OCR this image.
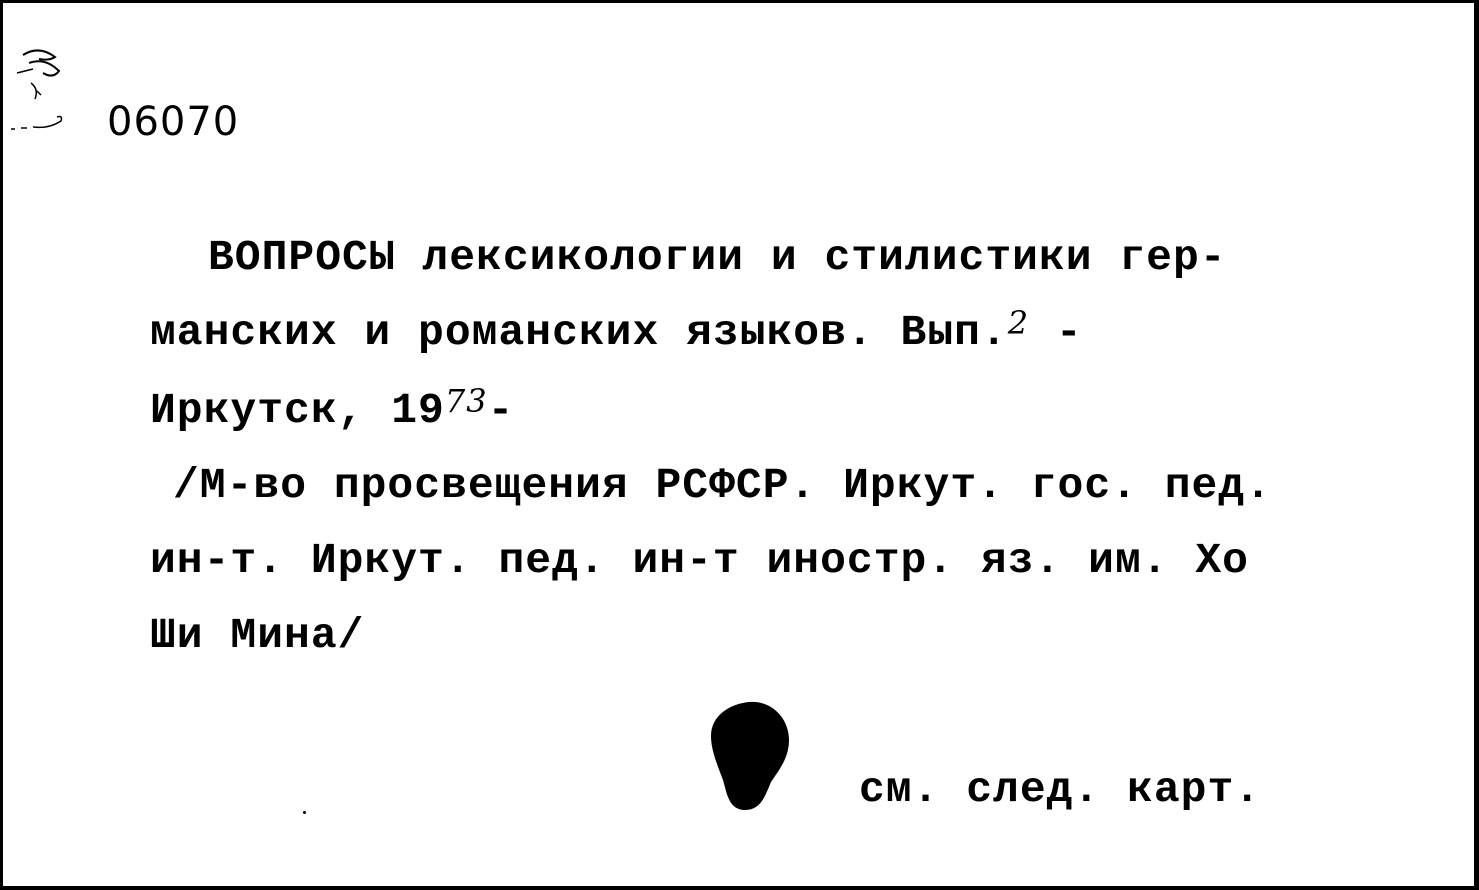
06070
ВОПРОСЫ лексикологии и стилистики гер-
манских и романских языков. Вып.$^2$ -
Иркутск, $19^{73}-$
/М-во просвещения РСФСР. Иркут. гос. пед.
ин-т. Иркут. пед. ин-т иностр. яз. им. Хо
Ши Мина/
см. след. карт.
